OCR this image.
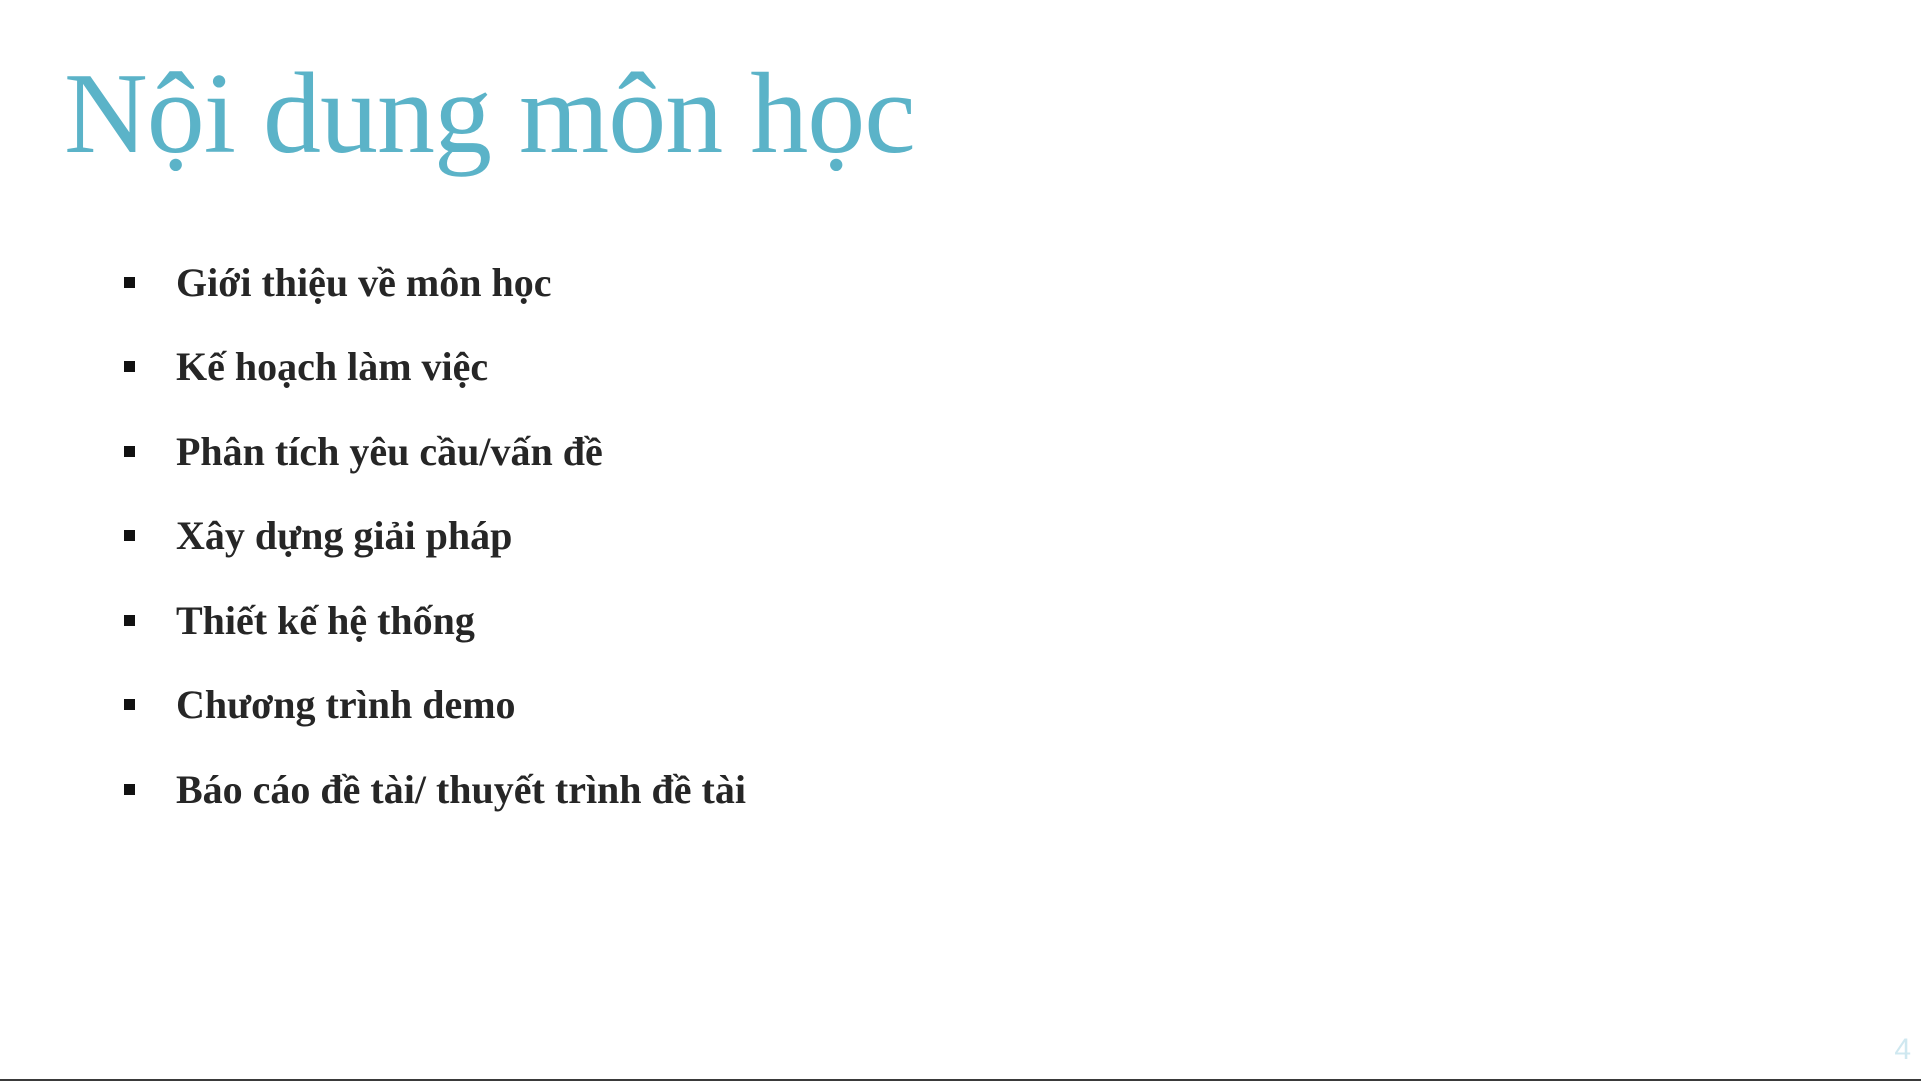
Nội dung môn học
Giới thiệu về môn học
Kế hoạch làm việc
Phân tích yêu cầu/vấn đề
Xây dựng giải pháp
Thiết kế hệ thống
Chương trình demo
Báo cáo đề tài/ thuyết trình đề tài
4
